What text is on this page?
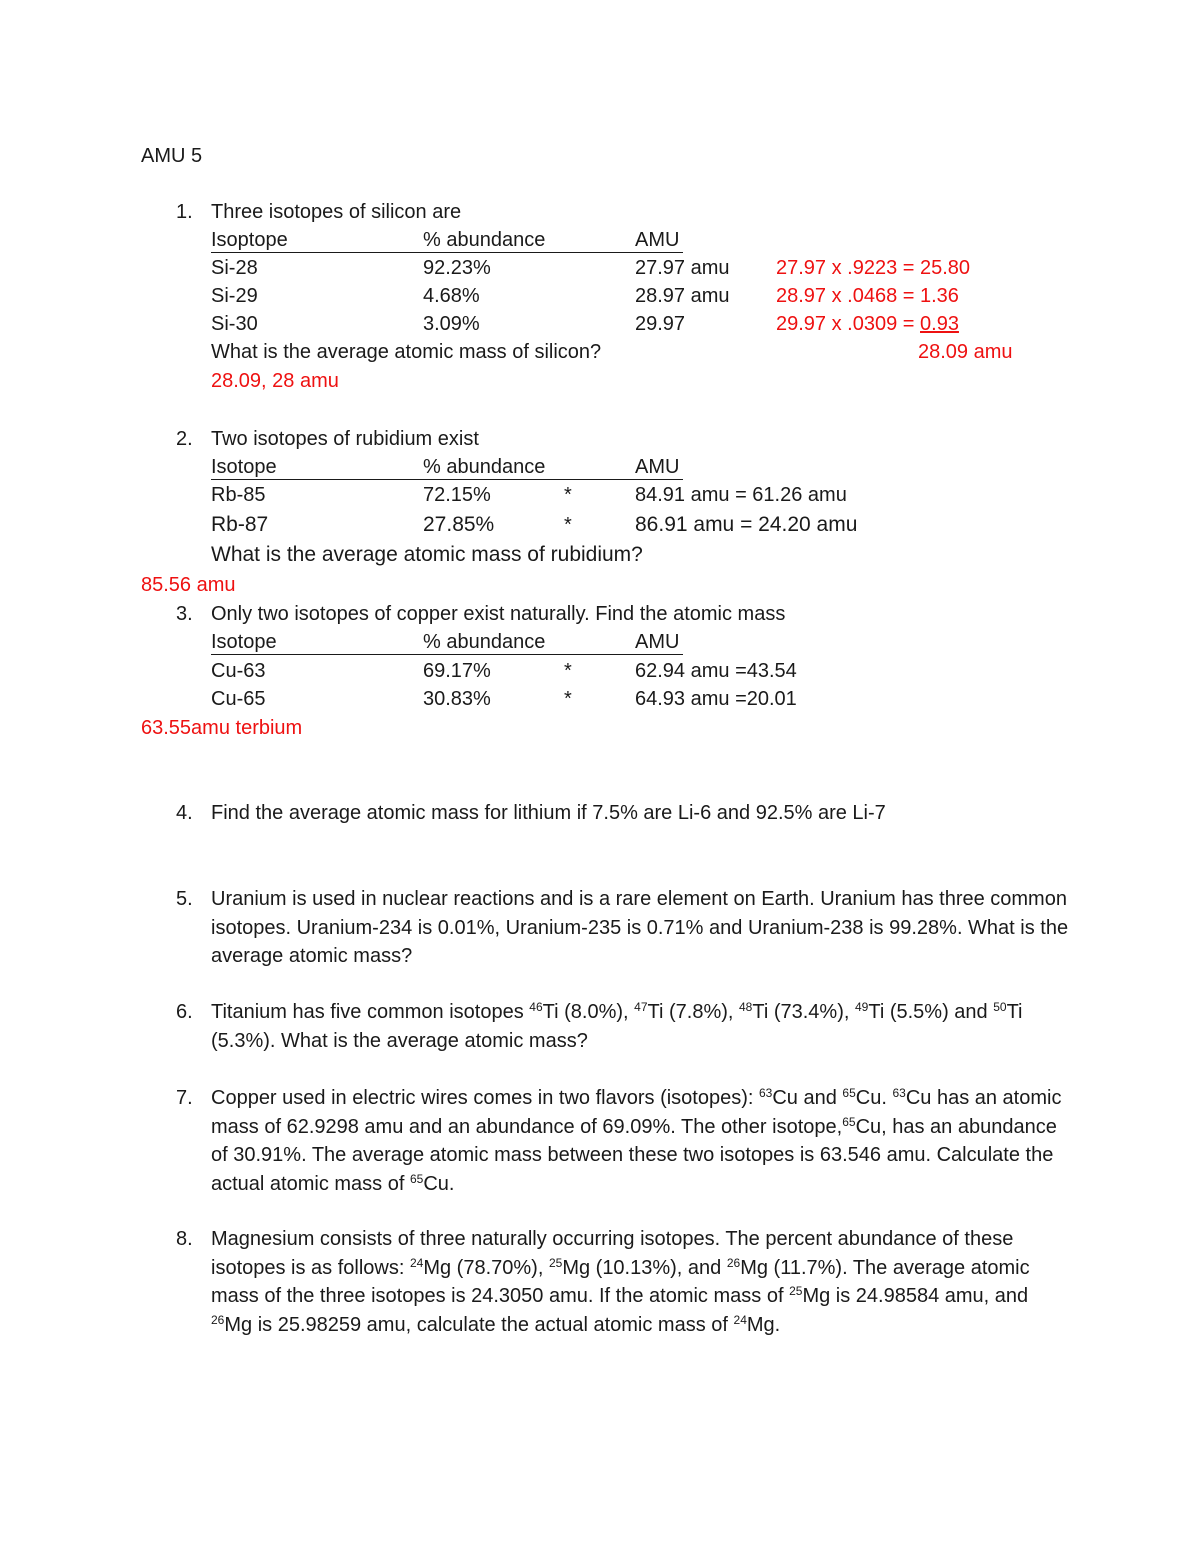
AMU 5
1. Three isotopes of silicon are
Isoptope	% abundance	AMU
Si-28	92.23%	27.97 amu 27.97 x .9223 = 25.80
Si-29	4.68%	28.97 amu 28.97 x .0468 = 1.36
Si-30	3.09%	29.97	29.97 x .0309 = 0.93
What is the average atomic mass of silicon?	28.09 amu
28.09, 28 amu
2. Two isotopes of rubidium exist
Isotope	% abundance	AMU
Rb-85	72.15%	*	84.91 amu = 61.26 amu
Rb-87	27.85%	*	86.91 amu = 24.20 amu
What is the average atomic mass of rubidium?
85.56 amu
3. Only two isotopes of copper exist naturally. Find the atomic mass
Isotope	% abundance	AMU
Cu-63	69.17%	*	62.94 amu =43.54
Cu-65	30.83%	*	64.93 amu =20.01
63.55amu terbium
4. Find the average atomic mass for lithium if 7.5% are Li-6 and 92.5% are Li-7
5. Uranium is used in nuclear reactions and is a rare element on Earth. Uranium has three common isotopes. Uranium-234 is 0.01%, Uranium-235 is 0.71% and Uranium-238 is 99.28%. What is the average atomic mass?
6. Titanium has five common isotopes $^{46}$Ti (8.0%), $^{47}$Ti (7.8%), $^{48}$Ti (73.4%), $^{49}$Ti (5.5%) and $^{50}$Ti (5.3%). What is the average atomic mass?
7. Copper used in electric wires comes in two flavors (isotopes): $^{63}$Cu and $^{65}$Cu. $^{63}$Cu has an atomic mass of 62.9298 amu and an abundance of 69.09%. The other isotope,$^{65}$Cu, has an abundance of 30.91%. The average atomic mass between these two isotopes is 63.546 amu. Calculate the actual atomic mass of $^{65}$Cu.
8. Magnesium consists of three naturally occurring isotopes. The percent abundance of these isotopes is as follows: $^{24}$Mg (78.70%), $^{25}$Mg (10.13%), and $^{26}$Mg (11.7%). The average atomic mass of the three isotopes is 24.3050 amu. If the atomic mass of $^{25}$Mg is 24.98584 amu, and $^{26}$Mg is 25.98259 amu, calculate the actual atomic mass of $^{24}$Mg.
